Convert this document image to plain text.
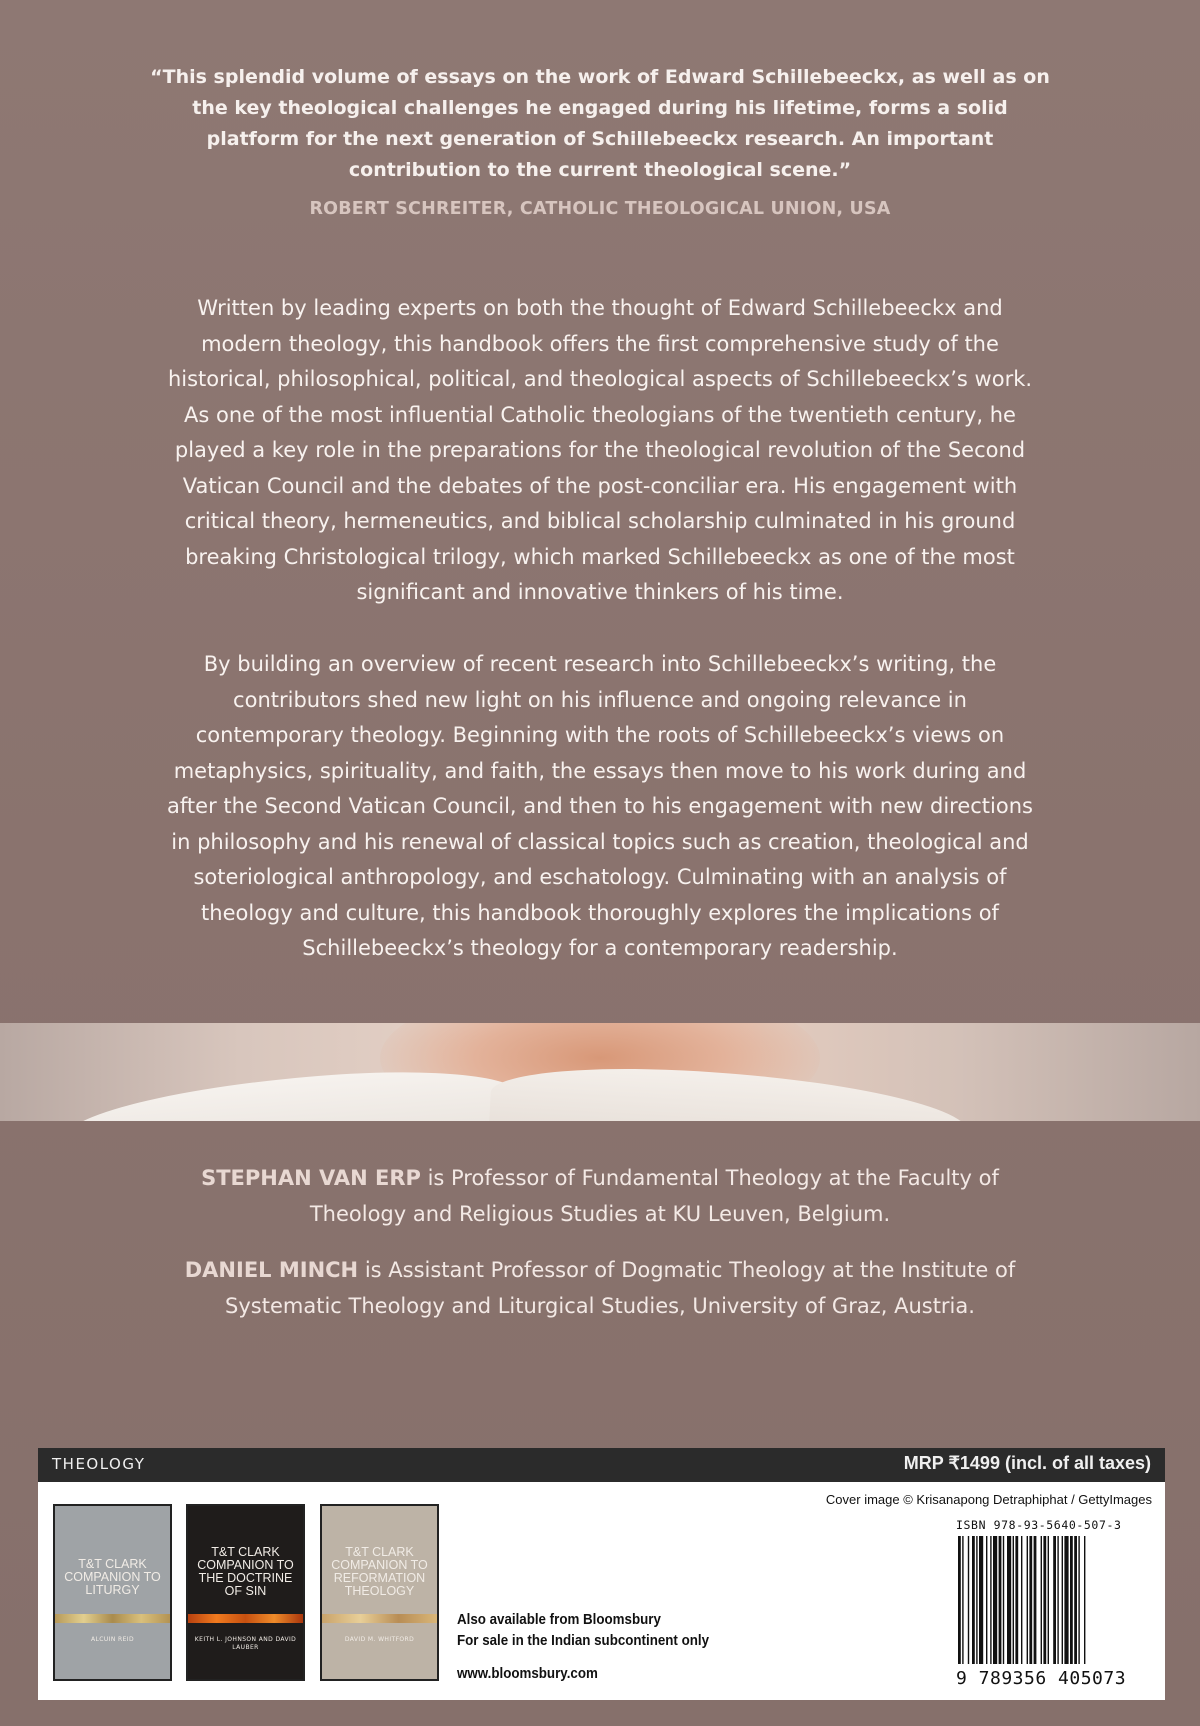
“This splendid volume of essays on the work of Edward Schillebeeckx, as well as on the key theological challenges he engaged during his lifetime, forms a solid platform for the next generation of Schillebeeckx research. An important contribution to the current theological scene.”
ROBERT SCHREITER, CATHOLIC THEOLOGICAL UNION, USA
Written by leading experts on both the thought of Edward Schillebeeckx and modern theology, this handbook offers the first comprehensive study of the historical, philosophical, political, and theological aspects of Schillebeeckx’s work. As one of the most influential Catholic theologians of the twentieth century, he played a key role in the preparations for the theological revolution of the Second Vatican Council and the debates of the post-conciliar era. His engagement with critical theory, hermeneutics, and biblical scholarship culminated in his ground breaking Christological trilogy, which marked Schillebeeckx as one of the most significant and innovative thinkers of his time.
By building an overview of recent research into Schillebeeckx’s writing, the contributors shed new light on his influence and ongoing relevance in contemporary theology. Beginning with the roots of Schillebeeckx’s views on metaphysics, spirituality, and faith, the essays then move to his work during and after the Second Vatican Council, and then to his engagement with new directions in philosophy and his renewal of classical topics such as creation, theological and soteriological anthropology, and eschatology. Culminating with an analysis of theology and culture, this handbook thoroughly explores the implications of Schillebeeckx’s theology for a contemporary readership.
STEPHAN VAN ERP is Professor of Fundamental Theology at the Faculty of Theology and Religious Studies at KU Leuven, Belgium.
DANIEL MINCH is Assistant Professor of Dogmatic Theology at the Institute of Systematic Theology and Liturgical Studies, University of Graz, Austria.
THEOLOGY	MRP ₹1499 (incl. of all taxes)
T&T CLARK COMPANION TO LITURGY
ALCUIN REID
T&T CLARK COMPANION TO THE DOCTRINE OF SIN
KEITH L. JOHNSON AND DAVID LAUBER
T&T CLARK COMPANION TO REFORMATION THEOLOGY
DAVID M. WHITFORD
Also available from Bloomsbury
For sale in the Indian subcontinent only
www.bloomsbury.com
Cover image © Krisanapong Detraphiphat / GettyImages
ISBN 978-93-5640-507-3
9 789356 405073
